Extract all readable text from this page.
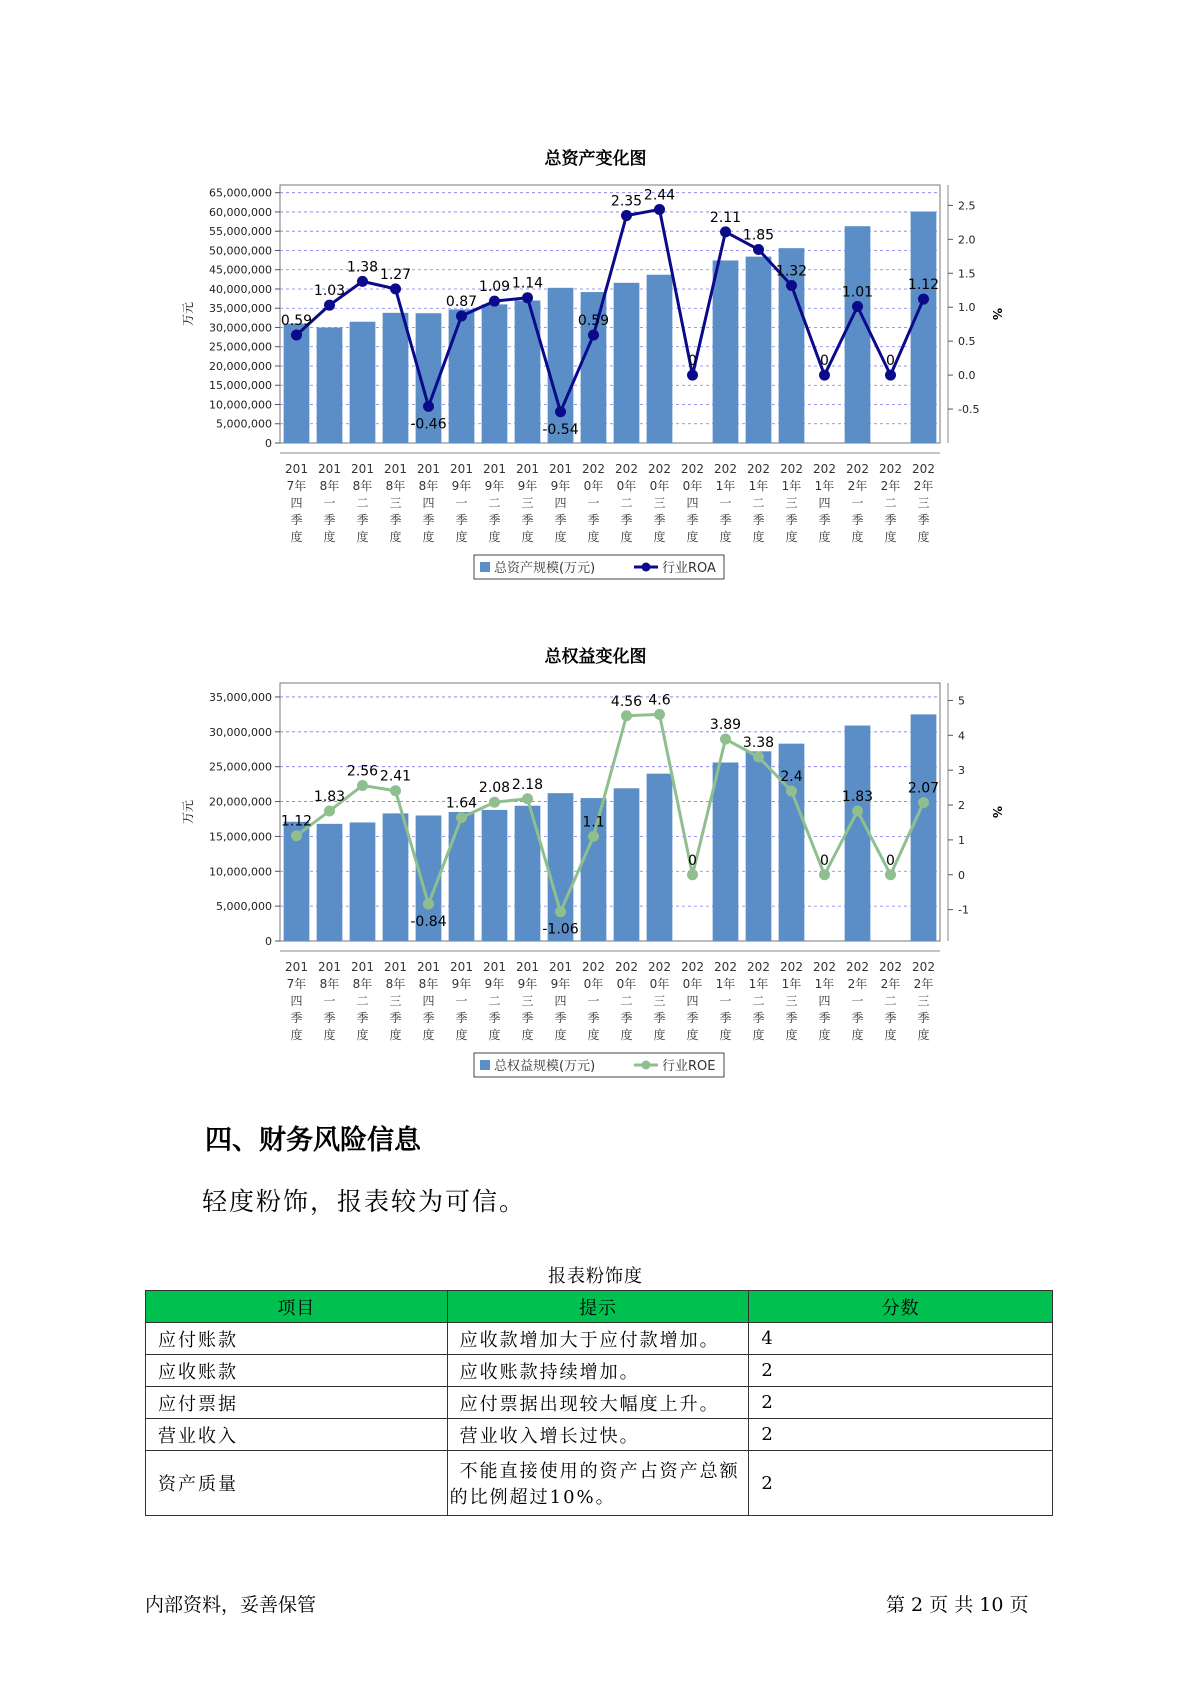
总资产变化图
0
5,000,000
10,000,000
15,000,000
20,000,000
25,000,000
30,000,000
35,000,000
40,000,000
45,000,000
50,000,000
55,000,000
60,000,000
65,000,000
-0.5
0.0
0.5
1.0
1.5
2.0
2.5
万元	%
0.59
1.03
1.38 1.27
-0.46
0.87
1.09 1.14
-0.54
0.59
2.35 2.44
0
2.11
1.85
1.32
0
1.01
0
1.12
201
7年
四
季
度
201
8年
一
季
度
201
8年
二
季
度
201
8年
三
季
度
201
8年
四
季
度
201
9年
一
季
度
201
9年
二
季
度
201
9年
三
季
度
201
9年
四
季
度
202
0年
一
季
度
202
0年
二
季
度
202
0年
三
季
度
202
0年
四
季
度
202
1年
一
季
度
202
1年
二
季
度
202
1年
三
季
度
202
1年
四
季
度
202
2年
一
季
度
202
2年
二
季
度
202
2年
三
季
度
总资产规模(万元)	行业ROA
总权益变化图
0
5,000,000
10,000,000
15,000,000
20,000,000
25,000,000
30,000,000
35,000,000
-1
0
1
2
3
4
5
万元	%
1.12
1.83
2.56 2.41
-0.84
1.64
2.08 2.18
-1.06
1.1
4.56 4.6
0
3.89
3.38
2.4
0
1.83
0
2.07
201
7年
四
季
度
201
8年
一
季
度
201
8年
二
季
度
201
8年
三
季
度
201
8年
四
季
度
201
9年
一
季
度
201
9年
二
季
度
201
9年
三
季
度
201
9年
四
季
度
202
0年
一
季
度
202
0年
二
季
度
202
0年
三
季
度
202
0年
四
季
度
202
1年
一
季
度
202
1年
二
季
度
202
1年
三
季
度
202
1年
四
季
度
202
2年
一
季
度
202
2年
二
季
度
202
2年
三
季
度
总权益规模(万元)	行业ROE
四、财务风险信息
轻度粉饰，报表较为可信。
报表粉饰度
项目	提示	分数
应付账款	应收款增加大于应付款增加。	4
应收账款	应收账款持续增加。	2
应付票据	应付票据出现较大幅度上升。	2
营业收入	营业收入增长过快。	2
资产质量	不能直接使用的资产占资产总额
的比例超过10%。	2
内部资料，妥善保管	第 2 页 共 10 页
